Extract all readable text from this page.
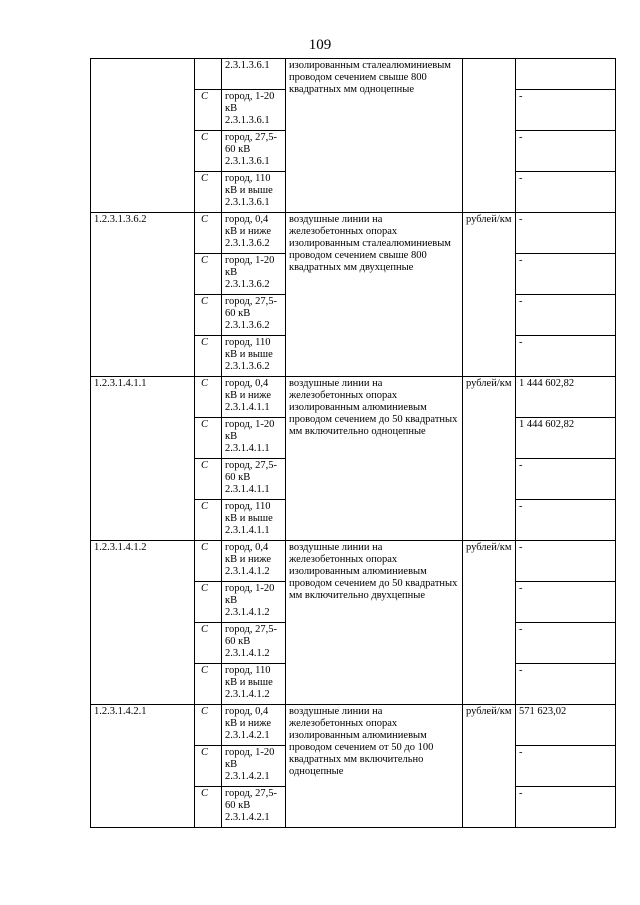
109
		2.3.1.3.6.1	изолированным сталеалюминиевым проводом сечением свыше 800 квадратных мм одноцепные		
	С	город, 1-20 кВ 2.3.1.3.6.1			-
	С	город, 27,5-60 кВ 2.3.1.3.6.1			-
	С	город, 110 кВ и выше 2.3.1.3.6.1			-
1.2.3.1.3.6.2	С	город, 0,4 кВ и ниже 2.3.1.3.6.2	воздушные линии на железобетонных опорах изолированным сталеалюминиевым проводом сечением свыше 800 квадратных мм двухцепные	рублей/км	-
	С	город, 1-20 кВ 2.3.1.3.6.2			-
	С	город, 27,5-60 кВ 2.3.1.3.6.2			-
	С	город, 110 кВ и выше 2.3.1.3.6.2			-
1.2.3.1.4.1.1	С	город, 0,4 кВ и ниже 2.3.1.4.1.1	воздушные линии на железобетонных опорах изолированным алюминиевым проводом сечением до 50 квадратных мм включительно одноцепные	рублей/км	1 444 602,82
	С	город, 1-20 кВ 2.3.1.4.1.1			1 444 602,82
	С	город, 27,5-60 кВ 2.3.1.4.1.1			-
	С	город, 110 кВ и выше 2.3.1.4.1.1			-
1.2.3.1.4.1.2	С	город, 0,4 кВ и ниже 2.3.1.4.1.2	воздушные линии на железобетонных опорах изолированным алюминиевым проводом сечением до 50 квадратных мм включительно двухцепные	рублей/км	-
	С	город, 1-20 кВ 2.3.1.4.1.2			-
	С	город, 27,5-60 кВ 2.3.1.4.1.2			-
	С	город, 110 кВ и выше 2.3.1.4.1.2			-
1.2.3.1.4.2.1	С	город, 0,4 кВ и ниже 2.3.1.4.2.1	воздушные линии на железобетонных опорах изолированным алюминиевым проводом сечением от 50 до 100 квадратных мм включительно одноцепные	рублей/км	571 623,02
	С	город, 1-20 кВ 2.3.1.4.2.1			-
	С	город, 27,5-60 кВ 2.3.1.4.2.1			-
